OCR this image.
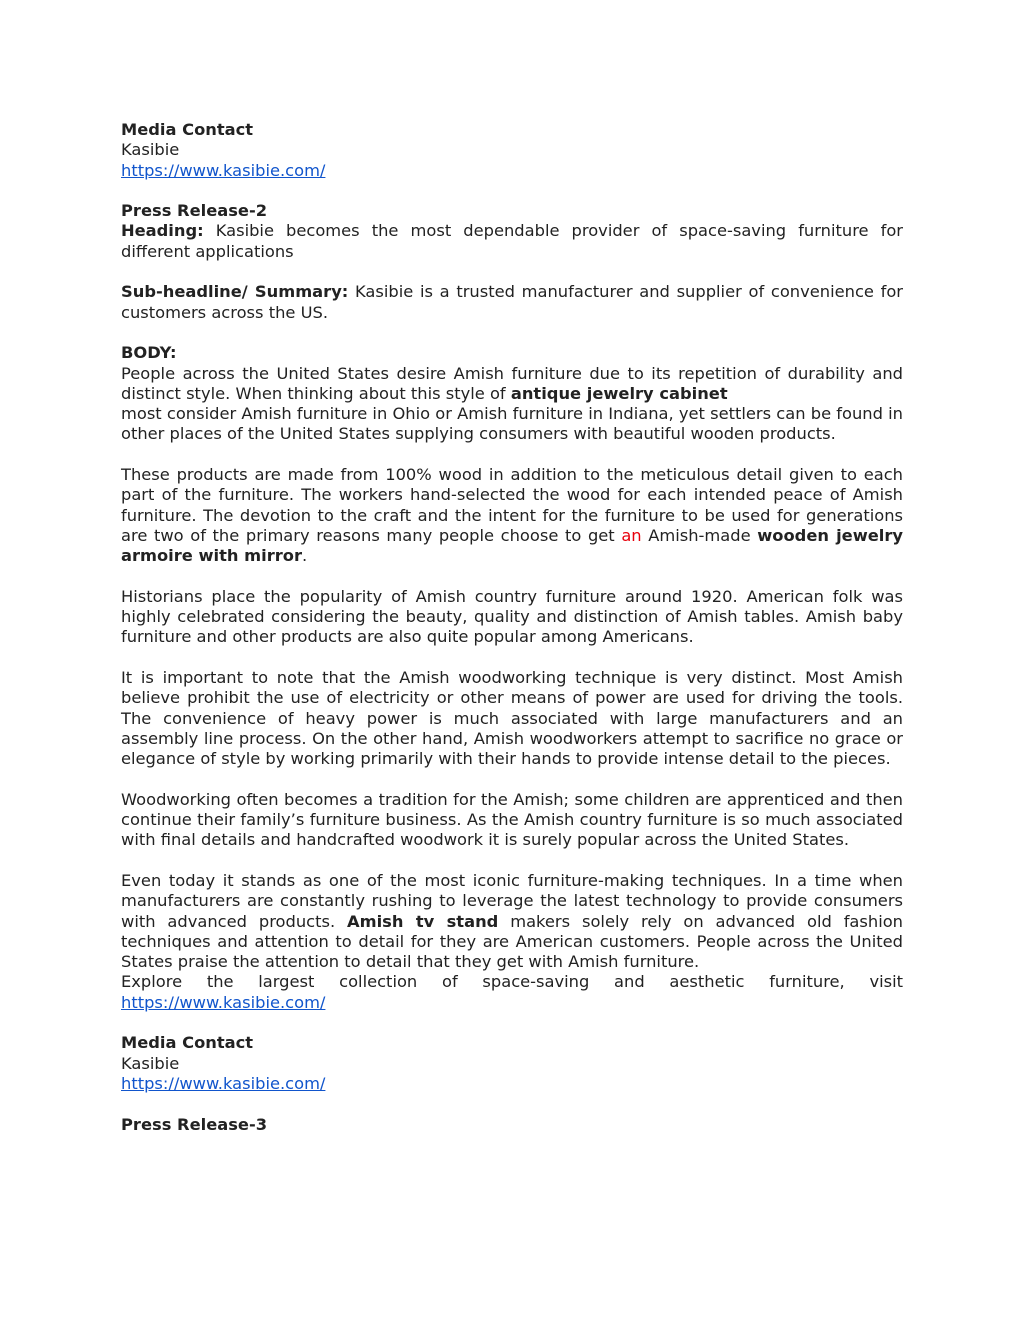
Media Contact

Kasibie

https://www.kasibie.com/

Press Release-2

Heading: Kasibie becomes the most dependable provider of space-saving furniture for different applications

Sub-headline/ Summary: Kasibie is a trusted manufacturer and supplier of convenience for customers across the US.

BODY:

People across the United States desire Amish furniture due to its repetition of durability and distinct style. When thinking about this style of antique jewelry cabinet
most consider Amish furniture in Ohio or Amish furniture in Indiana, yet settlers can be found in other places of the United States supplying consumers with beautiful wooden products.

These products are made from 100% wood in addition to the meticulous detail given to each part of the furniture. The workers hand-selected the wood for each intended peace of Amish furniture. The devotion to the craft and the intent for the furniture to be used for generations are two of the primary reasons many people choose to get an Amish-made wooden jewelry armoire with mirror.

Historians place the popularity of Amish country furniture around 1920. American folk was highly celebrated considering the beauty, quality and distinction of Amish tables. Amish baby furniture and other products are also quite popular among Americans.

It is important to note that the Amish woodworking technique is very distinct. Most Amish believe prohibit the use of electricity or other means of power are used for driving the tools. The convenience of heavy power is much associated with large manufacturers and an assembly line process. On the other hand, Amish woodworkers attempt to sacrifice no grace or elegance of style by working primarily with their hands to provide intense detail to the pieces.

Woodworking often becomes a tradition for the Amish; some children are apprenticed and then continue their family’s furniture business. As the Amish country furniture is so much associated with final details and handcrafted woodwork it is surely popular across the United States.

Even today it stands as one of the most iconic furniture-making techniques. In a time when manufacturers are constantly rushing to leverage the latest technology to provide consumers with advanced products. Amish tv stand makers solely rely on advanced old fashion techniques and attention to detail for they are American customers. People across the United States praise the attention to detail that they get with Amish furniture.

Explore the largest collection of space-saving and aesthetic furniture, visit

https://www.kasibie.com/

Media Contact

Kasibie

https://www.kasibie.com/

Press Release-3
